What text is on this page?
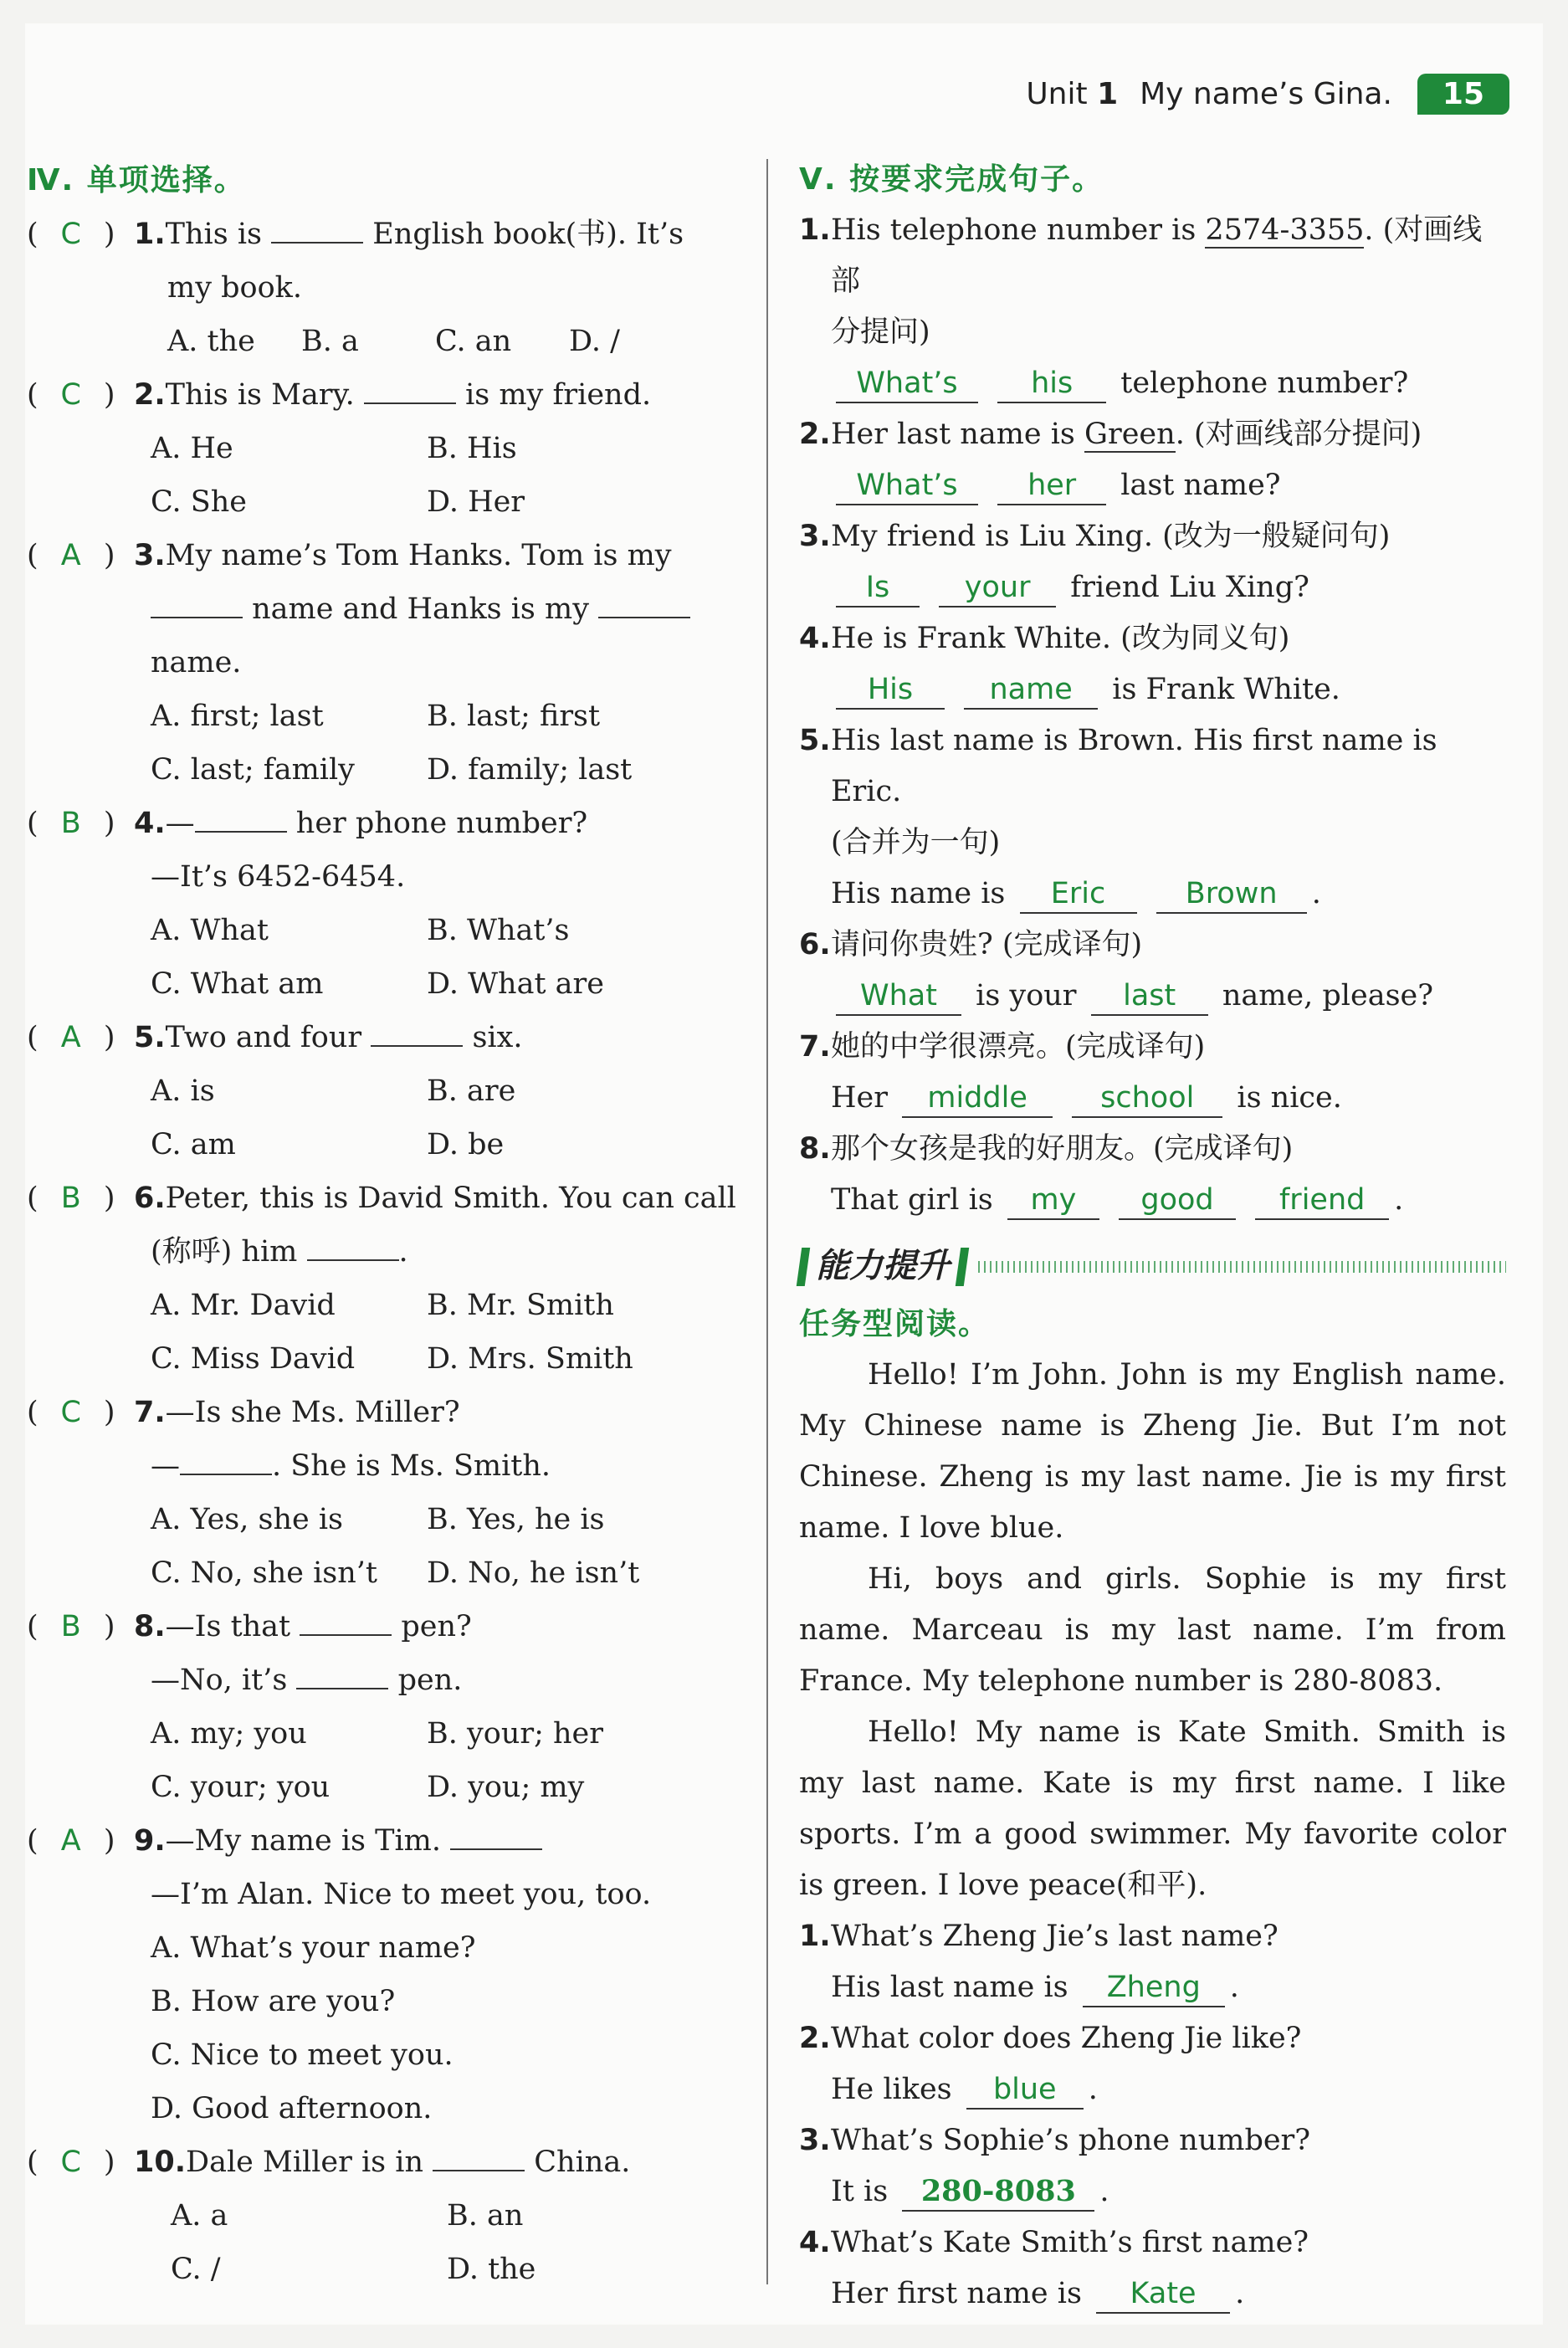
Unit 1 My name’s Gina.	15
Ⅳ. 单项选择。
( C ) 1.This is	English book(书). It’s
my book.
A. the	B. a	C. an	D. /
( C ) 2.This is Mary.	is my friend.
A. He	B. His
C. She	D. Her
( A ) 3.My name’s Tom Hanks. Tom is my
name and Hanks is my
name.
A. first; last	B. last; first
C. last; family	D. family; last
( B ) 4.—	her phone number?
—It’s 6452-6454.
A. What	B. What’s
C. What am	D. What are
( A ) 5.Two and four	six.
A. is	B. are
C. am	D. be
( B ) 6.Peter, this is David Smith. You can call
(称呼) him	.
A. Mr. David	B. Mr. Smith
C. Miss David	D. Mrs. Smith
( C ) 7.—Is she Ms. Miller?
—	. She is Ms. Smith.
A. Yes, she is	B. Yes, he is
C. No, she isn’t	D. No, he isn’t
( B ) 8.—Is that	pen?
—No, it’s	pen.
A. my; you	B. your; her
C. your; you	D. you; my
( A ) 9.—My name is Tim.
—I’m Alan. Nice to meet you, too.
A. What’s your name?
B. How are you?
C. Nice to meet you.
D. Good afternoon.
( C ) 10.Dale Miller is in	China.
A. a	B. an
C. /	D. the
Ⅴ. 按要求完成句子。
1. His telephone number is 2574-3355. (对画线部
分提问)
What’s his telephone number?
2. Her last name is Green. (对画线部分提问)
What’s her last name?
3. My friend is Liu Xing. (改为一般疑问句)
Is	your friend Liu Xing?
4. He is Frank White. (改为同义句)
His	name is Frank White.
5. His last name is Brown. His first name is Eric.
(合并为一句)
His name is Eric	Brown .
6. 请问你贵姓? (完成译句)
What is your last name, please?
7. 她的中学很漂亮。(完成译句)
Her middle school is nice.
8. 那个女孩是我的好朋友。(完成译句)
That girl is my good friend .
能力提升
任务型阅读。
Hello! I’m John. John is my English name. My Chinese name is Zheng Jie. But I’m not Chinese. Zheng is my last name. Jie is my first name. I love blue.
Hi, boys and girls. Sophie is my first name. Marceau is my last name. I’m from France. My telephone number is 280-8083.
Hello! My name is Kate Smith. Smith is my last name. Kate is my first name. I like sports. I’m a good swimmer. My favorite color is green. I love peace(和平).
1. What’s Zheng Jie’s last name?
His last name is Zheng .
2. What color does Zheng Jie like?
He likes blue .
3. What’s Sophie’s phone number?
It is 280-8083 .
4. What’s Kate Smith’s first name?
Her first name is Kate .
